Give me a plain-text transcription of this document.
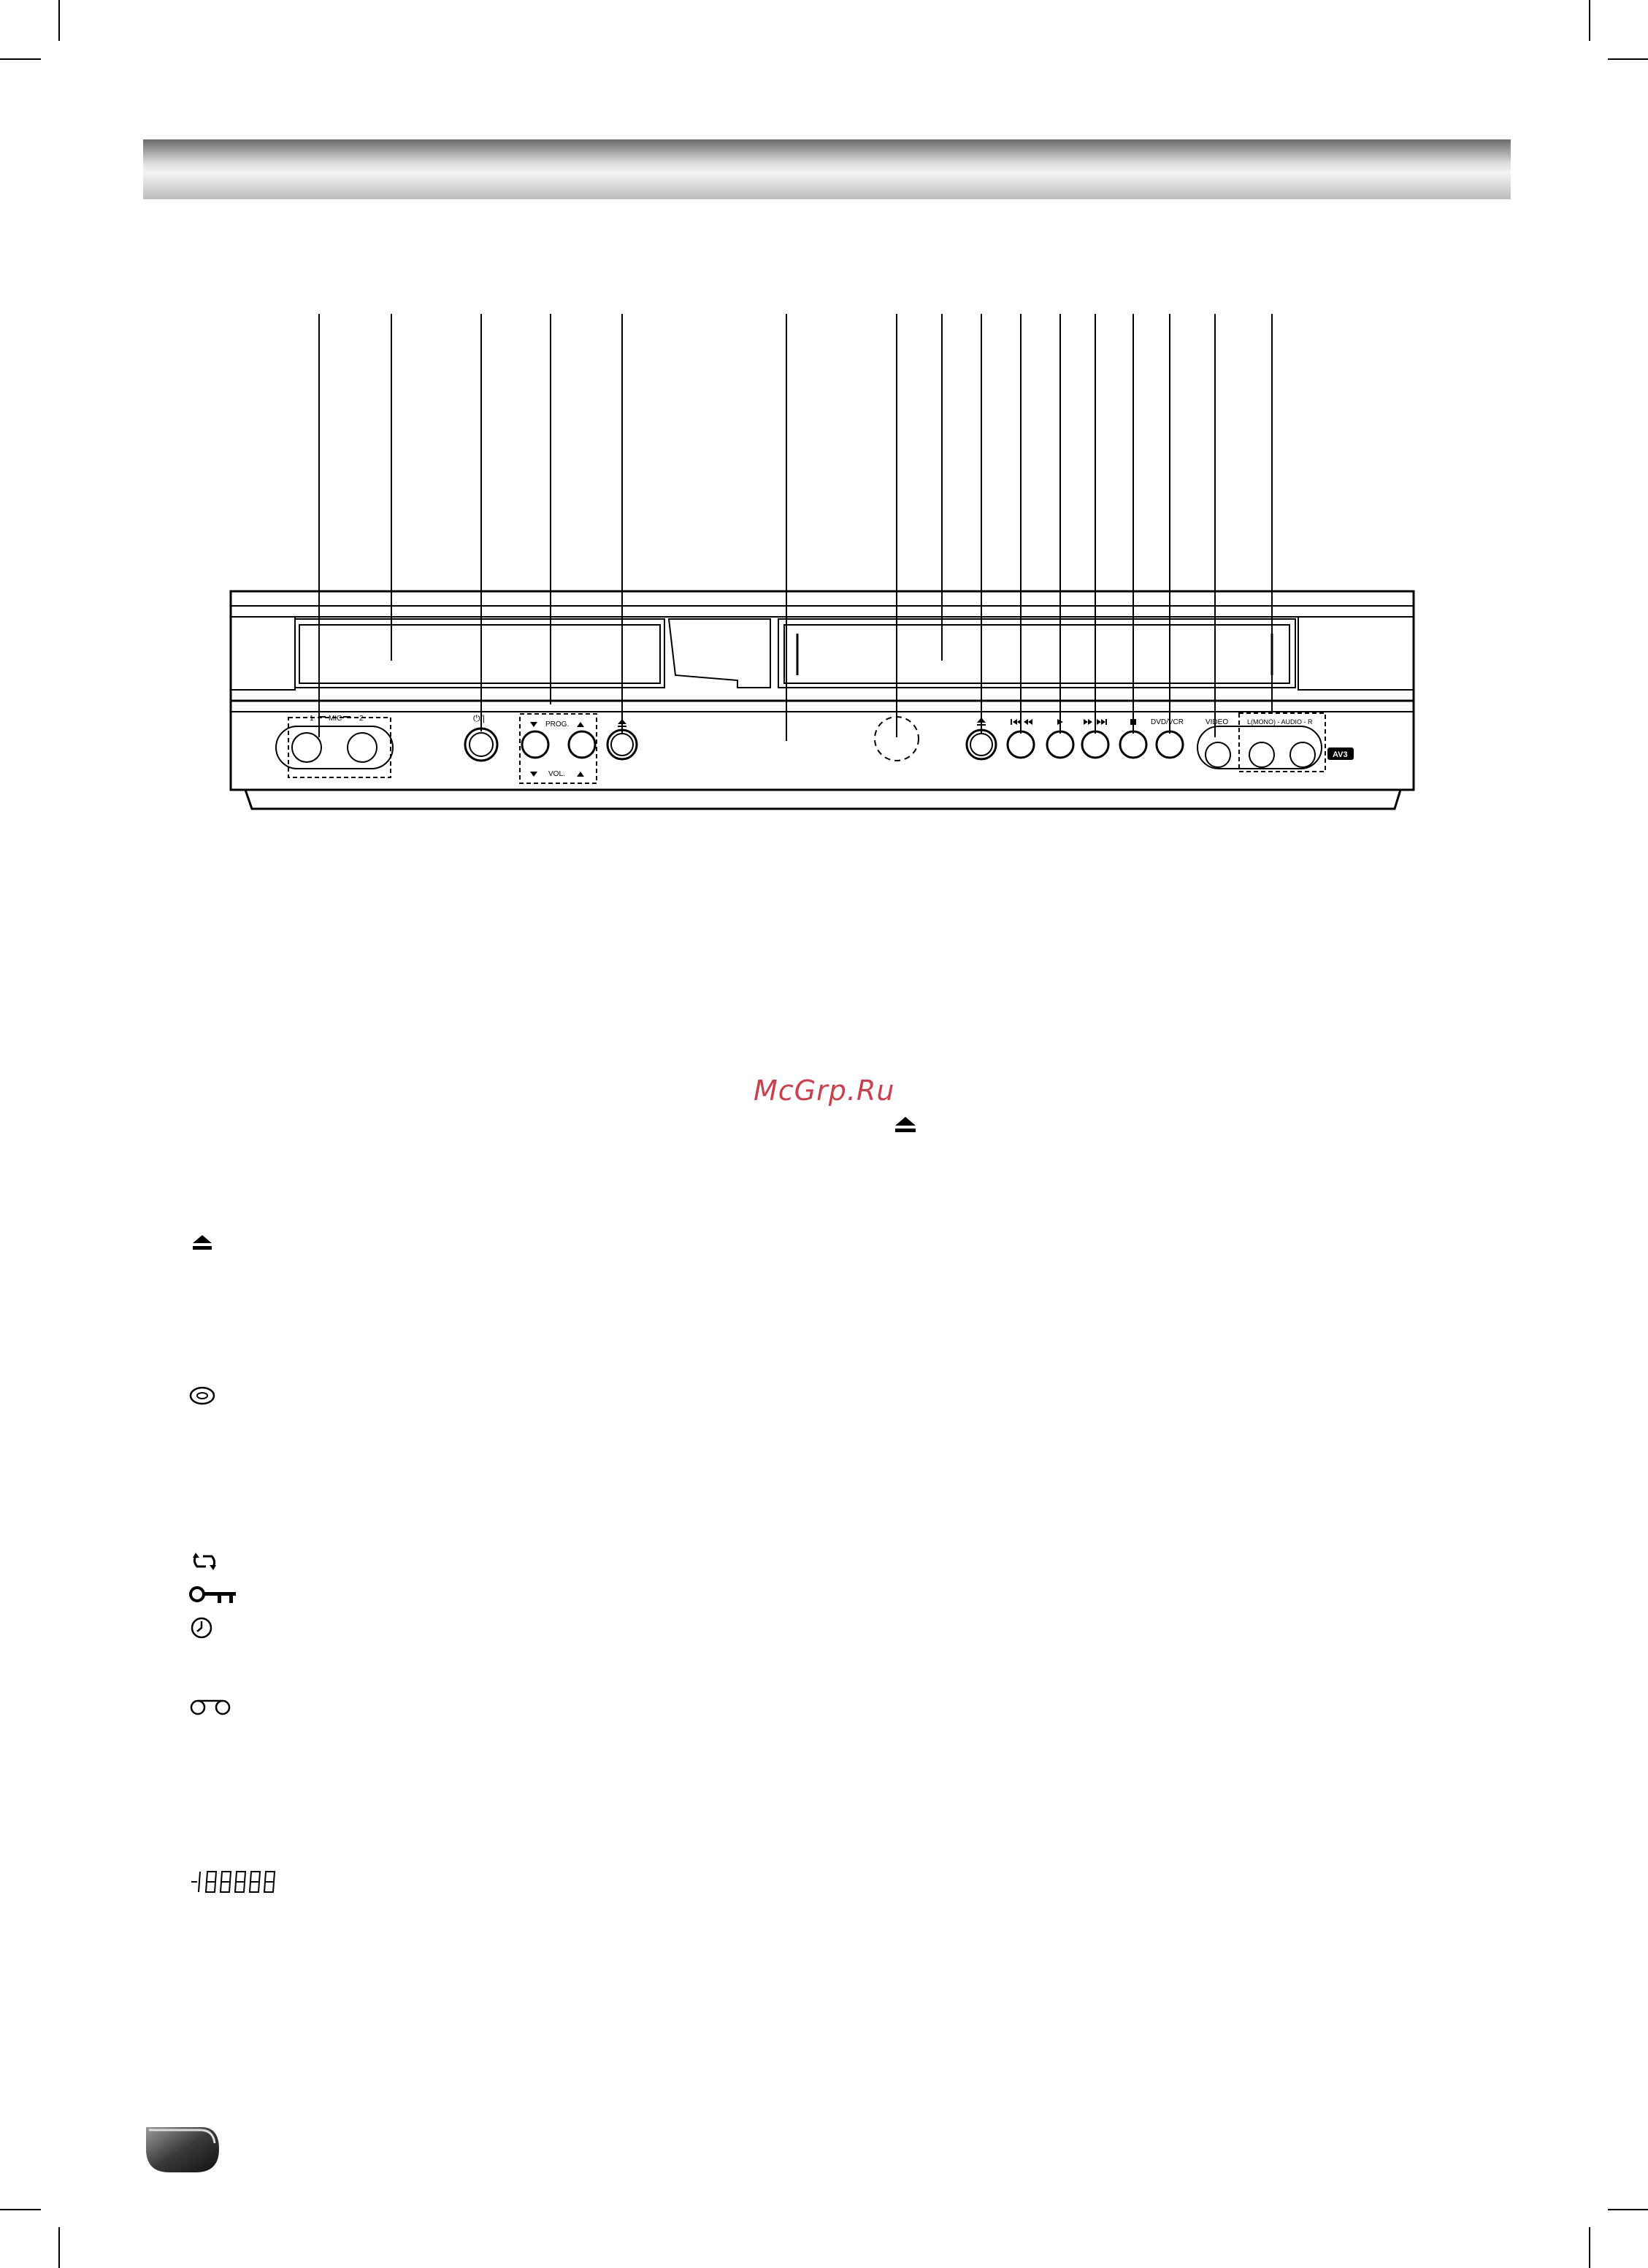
1 MIC 2	⏻/|
PROG.
VOL.
DVD/VCR	VIDEO	L(MONO) - AUDIO - R
AV3
McGrp.Ru
